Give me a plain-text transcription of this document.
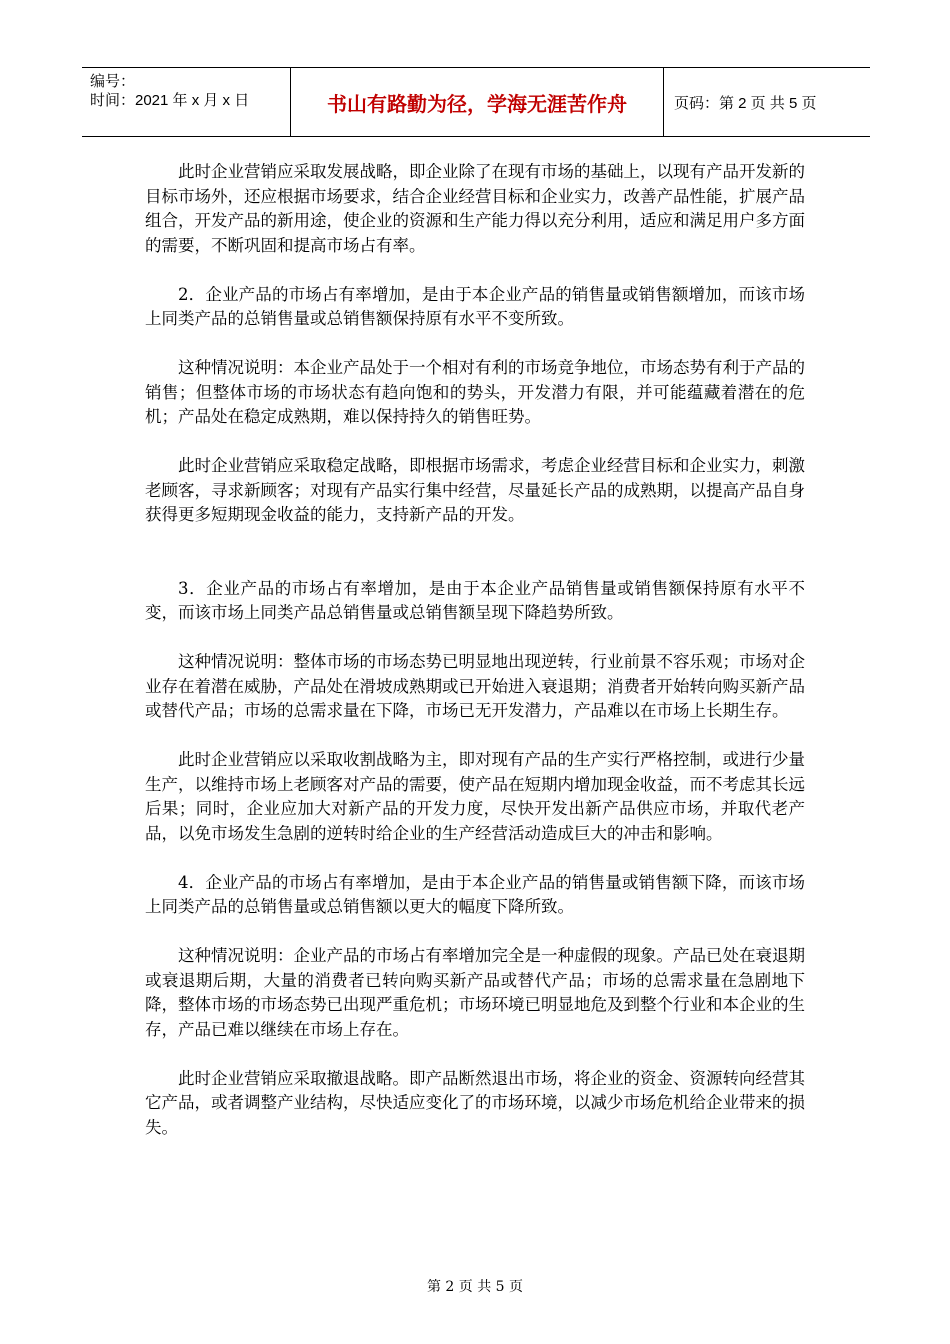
编号：
时间：2021 年 x 月 x 日	书山有路勤为径，学海无涯苦作舟	页码：第 2 页 共 5 页

此时企业营销应采取发展战略，即企业除了在现有市场的基础上，以现有产品开发新的目标市场外，还应根据市场要求，结合企业经营目标和企业实力，改善产品性能，扩展产品组合，开发产品的新用途，使企业的资源和生产能力得以充分利用，适应和满足用户多方面的需要，不断巩固和提高市场占有率。

2．企业产品的市场占有率增加，是由于本企业产品的销售量或销售额增加，而该市场上同类产品的总销售量或总销售额保持原有水平不变所致。

这种情况说明：本企业产品处于一个相对有利的市场竞争地位，市场态势有利于产品的销售；但整体市场的市场状态有趋向饱和的势头，开发潜力有限，并可能蕴藏着潜在的危机；产品处在稳定成熟期，难以保持持久的销售旺势。

此时企业营销应采取稳定战略，即根据市场需求，考虑企业经营目标和企业实力，刺激老顾客，寻求新顾客；对现有产品实行集中经营，尽量延长产品的成熟期，以提高产品自身获得更多短期现金收益的能力，支持新产品的开发。

3．企业产品的市场占有率增加，是由于本企业产品销售量或销售额保持原有水平不变，而该市场上同类产品总销售量或总销售额呈现下降趋势所致。

这种情况说明：整体市场的市场态势已明显地出现逆转，行业前景不容乐观；市场对企业存在着潜在威胁，产品处在滑坡成熟期或已开始进入衰退期；消费者开始转向购买新产品或替代产品；市场的总需求量在下降，市场已无开发潜力，产品难以在市场上长期生存。

此时企业营销应以采取收割战略为主，即对现有产品的生产实行严格控制，或进行少量生产，以维持市场上老顾客对产品的需要，使产品在短期内增加现金收益，而不考虑其长远后果；同时，企业应加大对新产品的开发力度，尽快开发出新产品供应市场，并取代老产品，以免市场发生急剧的逆转时给企业的生产经营活动造成巨大的冲击和影响。

4．企业产品的市场占有率增加，是由于本企业产品的销售量或销售额下降，而该市场上同类产品的总销售量或总销售额以更大的幅度下降所致。

这种情况说明：企业产品的市场占有率增加完全是一种虚假的现象。产品已处在衰退期或衰退期后期，大量的消费者已转向购买新产品或替代产品；市场的总需求量在急剧地下降，整体市场的市场态势已出现严重危机；市场环境已明显地危及到整个行业和本企业的生存，产品已难以继续在市场上存在。

此时企业营销应采取撤退战略。即产品断然退出市场，将企业的资金、资源转向经营其它产品，或者调整产业结构，尽快适应变化了的市场环境，以减少市场危机给企业带来的损失。

第 2 页 共 5 页
